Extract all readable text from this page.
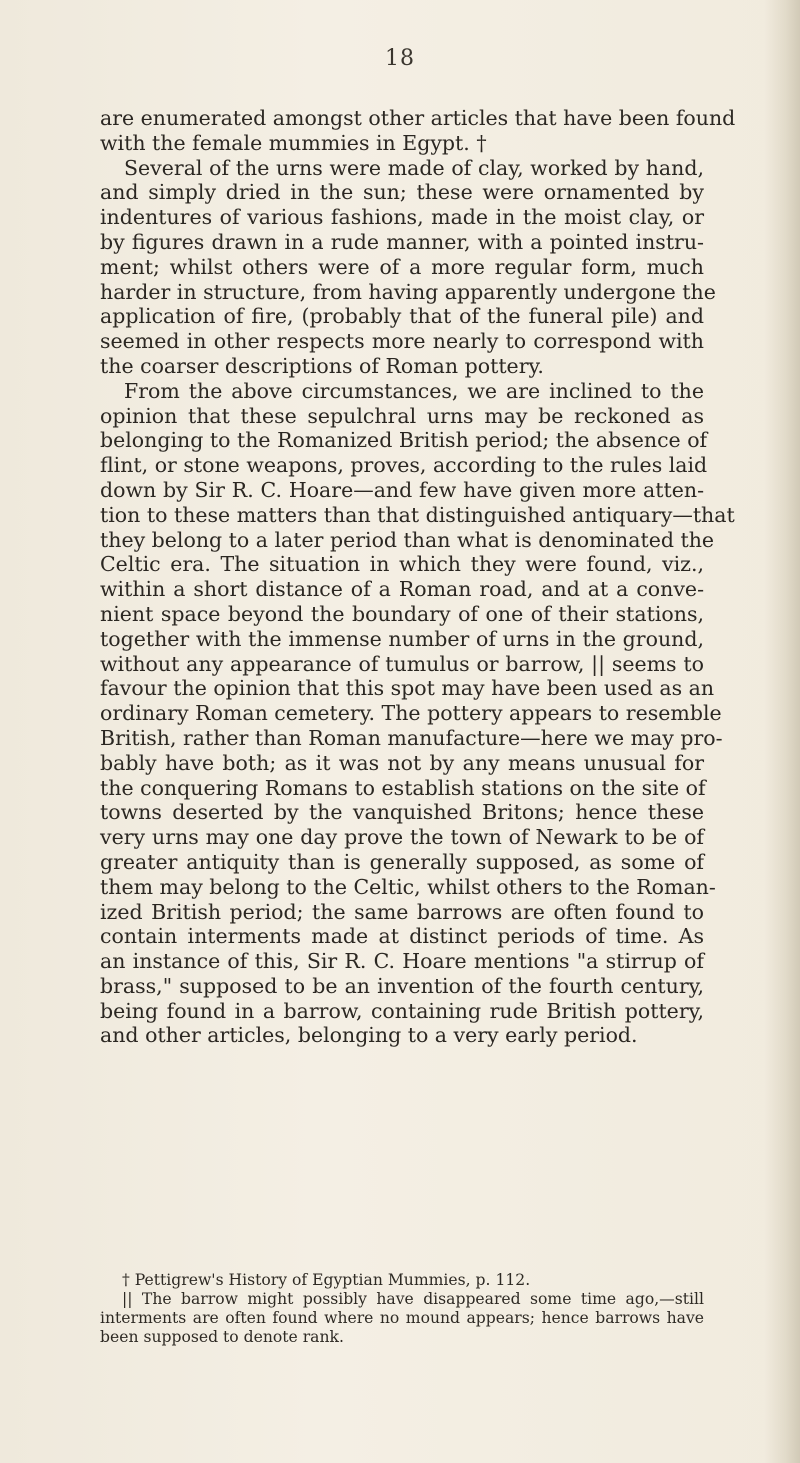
18
are enumerated amongst other articles that have been found
with the female mummies in Egypt. †
Several of the urns were made of clay, worked by hand,
and simply dried in the sun; these were ornamented by
indentures of various fashions, made in the moist clay, or
by figures drawn in a rude manner, with a pointed instru-
ment; whilst others were of a more regular form, much
harder in structure, from having apparently undergone the
application of fire, (probably that of the funeral pile) and
seemed in other respects more nearly to correspond with
the coarser descriptions of Roman pottery.
From the above circumstances, we are inclined to the
opinion that these sepulchral urns may be reckoned as
belonging to the Romanized British period; the absence of
flint, or stone weapons, proves, according to the rules laid
down by Sir R. C. Hoare—and few have given more atten-
tion to these matters than that distinguished antiquary—that
they belong to a later period than what is denominated the
Celtic era. The situation in which they were found, viz.,
within a short distance of a Roman road, and at a conve-
nient space beyond the boundary of one of their stations,
together with the immense number of urns in the ground,
without any appearance of tumulus or barrow, || seems to
favour the opinion that this spot may have been used as an
ordinary Roman cemetery. The pottery appears to resemble
British, rather than Roman manufacture—here we may pro-
bably have both; as it was not by any means unusual for
the conquering Romans to establish stations on the site of
towns deserted by the vanquished Britons; hence these
very urns may one day prove the town of Newark to be of
greater antiquity than is generally supposed, as some of
them may belong to the Celtic, whilst others to the Roman-
ized British period; the same barrows are often found to
contain interments made at distinct periods of time. As
an instance of this, Sir R. C. Hoare mentions "a stirrup of
brass," supposed to be an invention of the fourth century,
being found in a barrow, containing rude British pottery,
and other articles, belonging to a very early period.
† Pettigrew's History of Egyptian Mummies, p. 112.
|| The barrow might possibly have disappeared some time ago,—still
interments are often found where no mound appears; hence barrows have
been supposed to denote rank.
